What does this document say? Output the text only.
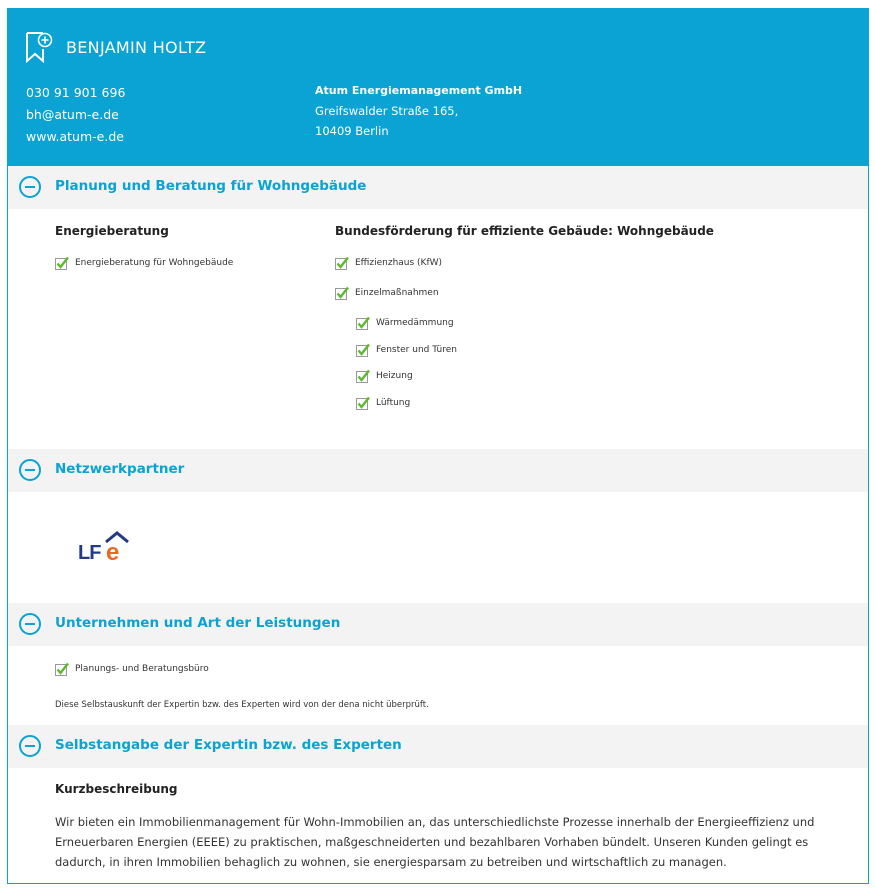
BENJAMIN HOLTZ
030 91 901 696
bh@atum-e.de
www.atum-e.de
Atum Energiemanagement GmbH
Greifswalder Straße 165,
10409 Berlin
Planung und Beratung für Wohngebäude
Energieberatung
Energieberatung für Wohngebäude
Bundesförderung für effiziente Gebäude: Wohngebäude
Effizienzhaus (KfW)
Einzelmaßnahmen
Wärmedämmung
Fenster und Türen
Heizung
Lüftung
Netzwerkpartner
LF e
Unternehmen und Art der Leistungen
Planungs- und Beratungsbüro
Diese Selbstauskunft der Expertin bzw. des Experten wird von der dena nicht überprüft.
Selbstangabe der Expertin bzw. des Experten
Kurzbeschreibung
Wir bieten ein Immobilienmanagement für Wohn-Immobilien an, das unterschiedlichste Prozesse innerhalb der Energieeffizienz und Erneuerbaren Energien (EEEE) zu praktischen, maßgeschneiderten und bezahlbaren Vorhaben bündelt. Unseren Kunden gelingt es dadurch, in ihren Immobilien behaglich zu wohnen, sie energiesparsam zu betreiben und wirtschaftlich zu managen.
